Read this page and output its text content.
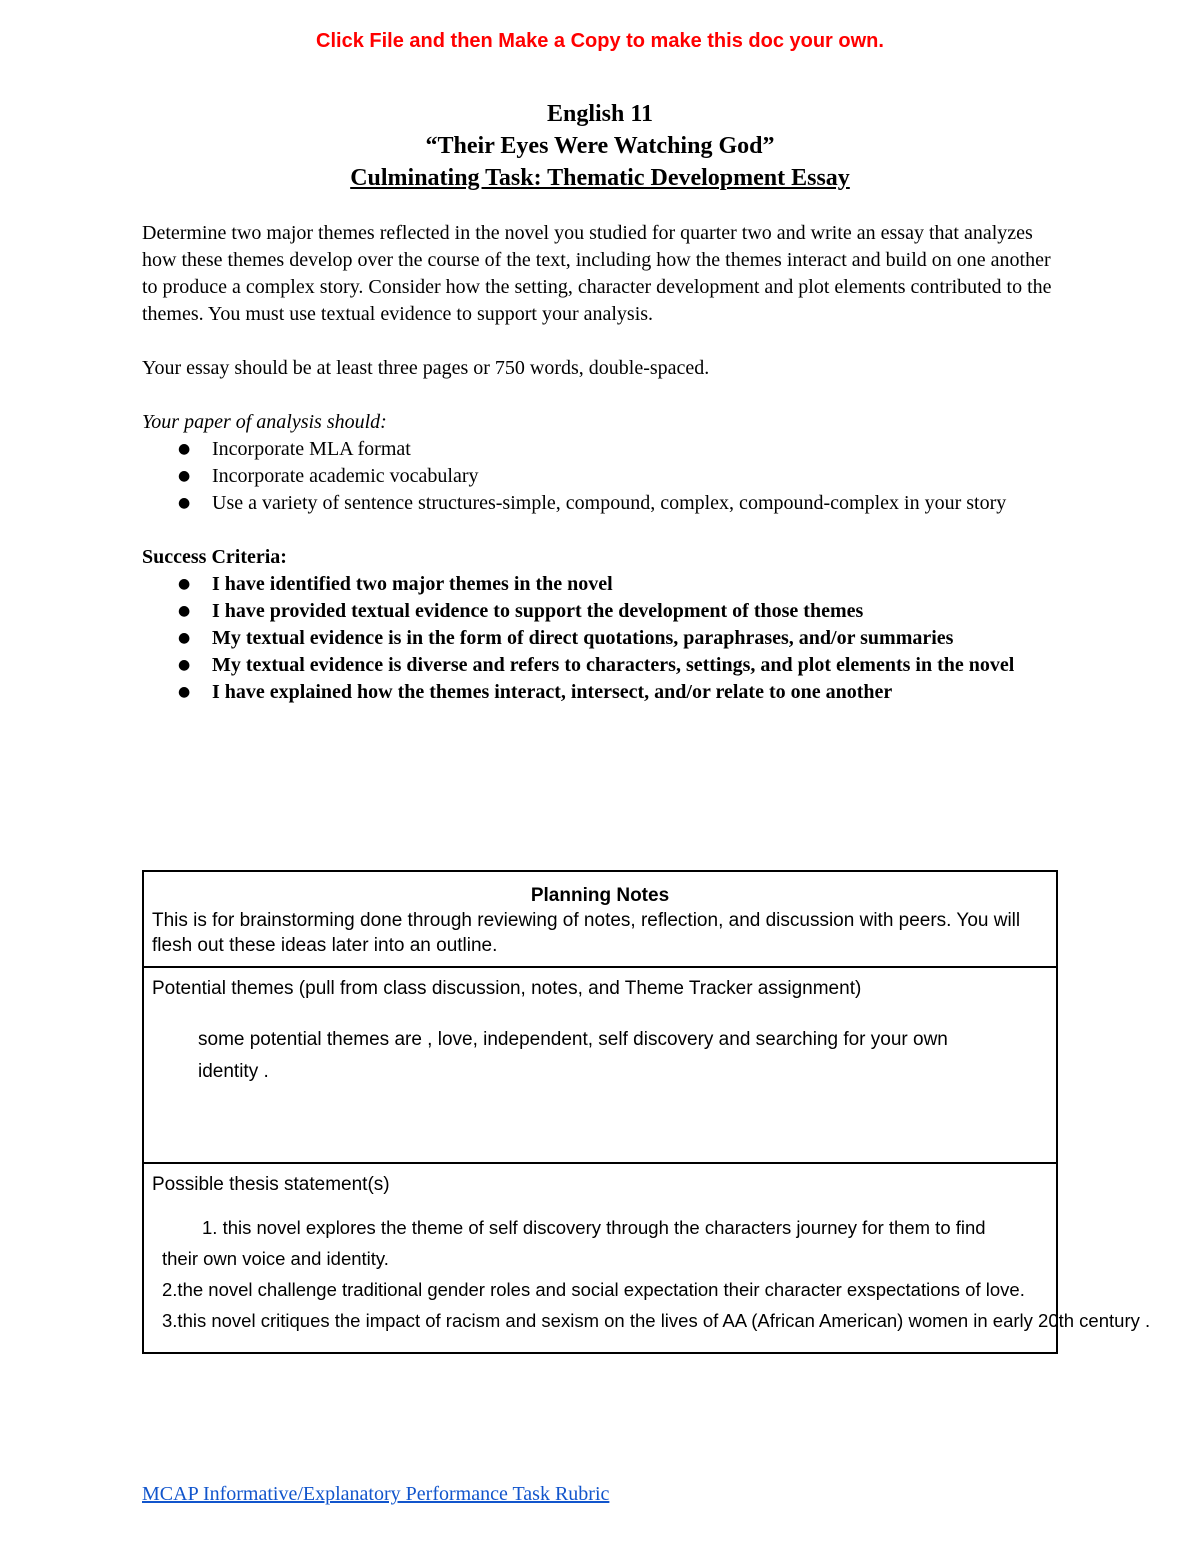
Click File and then Make a Copy to make this doc your own.
English 11
“Their Eyes Were Watching God”
Culminating Task: Thematic Development Essay

Determine two major themes reflected in the novel you studied for quarter two and write an essay that analyzes how these themes develop over the course of the text, including how the themes interact and build on one another to produce a complex story. Consider how the setting, character development and plot elements contributed to the themes. You must use textual evidence to support your analysis.

Your essay should be at least three pages or 750 words, double-spaced.

Your paper of analysis should:

● Incorporate MLA format
● Incorporate academic vocabulary
● Use a variety of sentence structures-simple, compound, complex, compound-complex in your story

Success Criteria:

● I have identified two major themes in the novel
● I have provided textual evidence to support the development of those themes
● My textual evidence is in the form of direct quotations, paraphrases, and/or summaries
● My textual evidence is diverse and refers to characters, settings, and plot elements in the novel
● I have explained how the themes interact, intersect, and/or relate to one another
Planning Notes
This is for brainstorming done through reviewing of notes, reflection, and discussion with peers. You will flesh out these ideas later into an outline.
Potential themes (pull from class discussion, notes, and Theme Tracker assignment)
some potential themes are , love, independent, self discovery and searching for your own identity .
Possible thesis statement(s)
1. this novel explores the theme of self discovery through the characters journey for them to find
their own voice and identity.
2.the novel challenge traditional gender roles and social expectation their character exspectations of love.
3.this novel critiques the impact of racism and sexism on the lives of AA (African American) women in early 20th century .
MCAP Informative/Explanatory Performance Task Rubric
